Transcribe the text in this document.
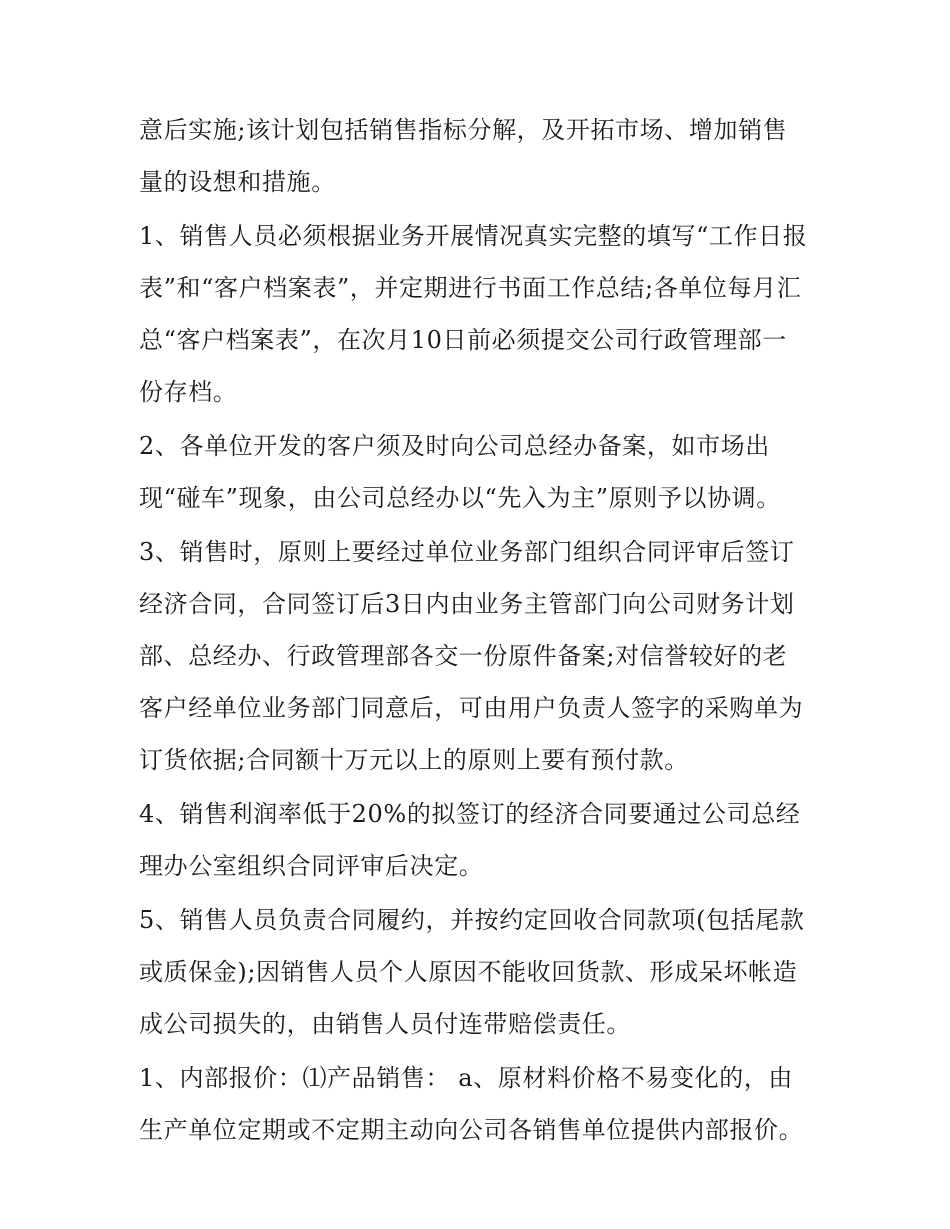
意后实施;该计划包括销售指标分解，及开拓市场、增加销售
量的设想和措施。
1、销售人员必须根据业务开展情况真实完整的填写“工作日报
表”和“客户档案表”，并定期进行书面工作总结;各单位每月汇
总“客户档案表”，在次月10日前必须提交公司行政管理部一
份存档。
2、各单位开发的客户须及时向公司总经办备案，如市场出
现“碰车”现象，由公司总经办以“先入为主”原则予以协调。
3、销售时，原则上要经过单位业务部门组织合同评审后签订
经济合同，合同签订后3日内由业务主管部门向公司财务计划
部、总经办、行政管理部各交一份原件备案;对信誉较好的老
客户经单位业务部门同意后，可由用户负责人签字的采购单为
订货依据;合同额十万元以上的原则上要有预付款。
4、销售利润率低于20%的拟签订的经济合同要通过公司总经
理办公室组织合同评审后决定。
5、销售人员负责合同履约，并按约定回收合同款项(包括尾款
或质保金);因销售人员个人原因不能收回货款、形成呆坏帐造
成公司损失的，由销售人员付连带赔偿责任。
1、内部报价：⑴产品销售： a、原材料价格不易变化的，由
生产单位定期或不定期主动向公司各销售单位提供内部报价。
